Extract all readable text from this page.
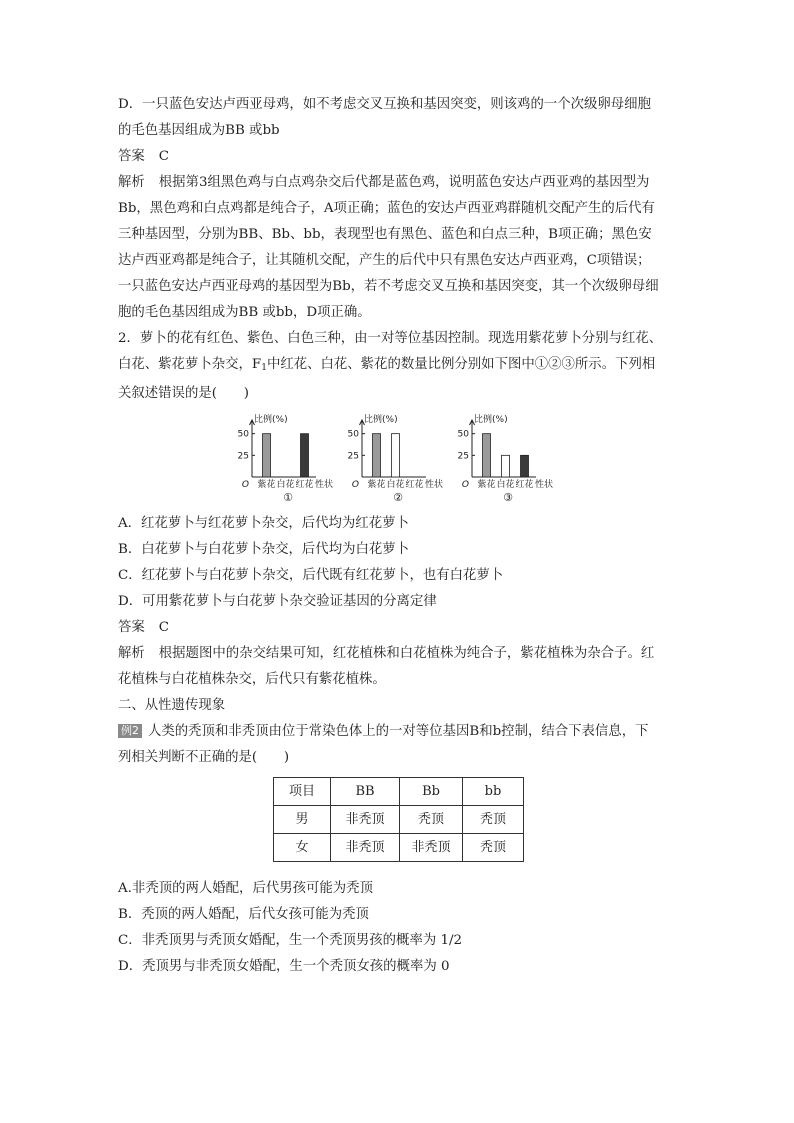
D．一只蓝色安达卢西亚母鸡，如不考虑交叉互换和基因突变，则该鸡的一个次级卵母细胞

的毛色基因组成为BB 或bb

答案 C

解析 根据第3组黑色鸡与白点鸡杂交后代都是蓝色鸡，说明蓝色安达卢西亚鸡的基因型为

Bb，黑色鸡和白点鸡都是纯合子，A项正确；蓝色的安达卢西亚鸡群随机交配产生的后代有

三种基因型，分别为BB、Bb、bb，表现型也有黑色、蓝色和白点三种，B项正确；黑色安

达卢西亚鸡都是纯合子，让其随机交配，产生的后代中只有黑色安达卢西亚鸡，C项错误；

一只蓝色安达卢西亚母鸡的基因型为Bb，若不考虑交叉互换和基因突变，其一个次级卵母细

胞的毛色基因组成为BB 或bb，D项正确。

2．萝卜的花有红色、紫色、白色三种，由一对等位基因控制。现选用紫花萝卜分别与红花、

白花、紫花萝卜杂交，$F_1$中红花、白花、紫花的数量比例分别如下图中①②③所示。下列相

关叙述错误的是(　　)

比例(%)
25
50
O 紫花 白花 红花 性状
①
比例(%)
25
50
O 紫花 白花 红花 性状
②
比例(%)
25
50
O 紫花 白花 红花 性状
③

A．红花萝卜与红花萝卜杂交，后代均为红花萝卜

B．白花萝卜与白花萝卜杂交，后代均为白花萝卜

C．红花萝卜与白花萝卜杂交，后代既有红花萝卜，也有白花萝卜

D．可用紫花萝卜与白花萝卜杂交验证基因的分离定律

答案 C

解析 根据题图中的杂交结果可知，红花植株和白花植株为纯合子，紫花植株为杂合子。红

花植株与白花植株杂交，后代只有紫花植株。

二、从性遗传现象

例2 人类的秃顶和非秃顶由位于常染色体上的一对等位基因B和b控制，结合下表信息，下

列相关判断不正确的是(　　)

项目	BB	Bb	bb
男	非秃顶	秃顶	秃顶
女	非秃顶	非秃顶	秃顶

A.非秃顶的两人婚配，后代男孩可能为秃顶

B．秃顶的两人婚配，后代女孩可能为秃顶

C．非秃顶男与秃顶女婚配，生一个秃顶男孩的概率为 1/2

D．秃顶男与非秃顶女婚配，生一个秃顶女孩的概率为 0
